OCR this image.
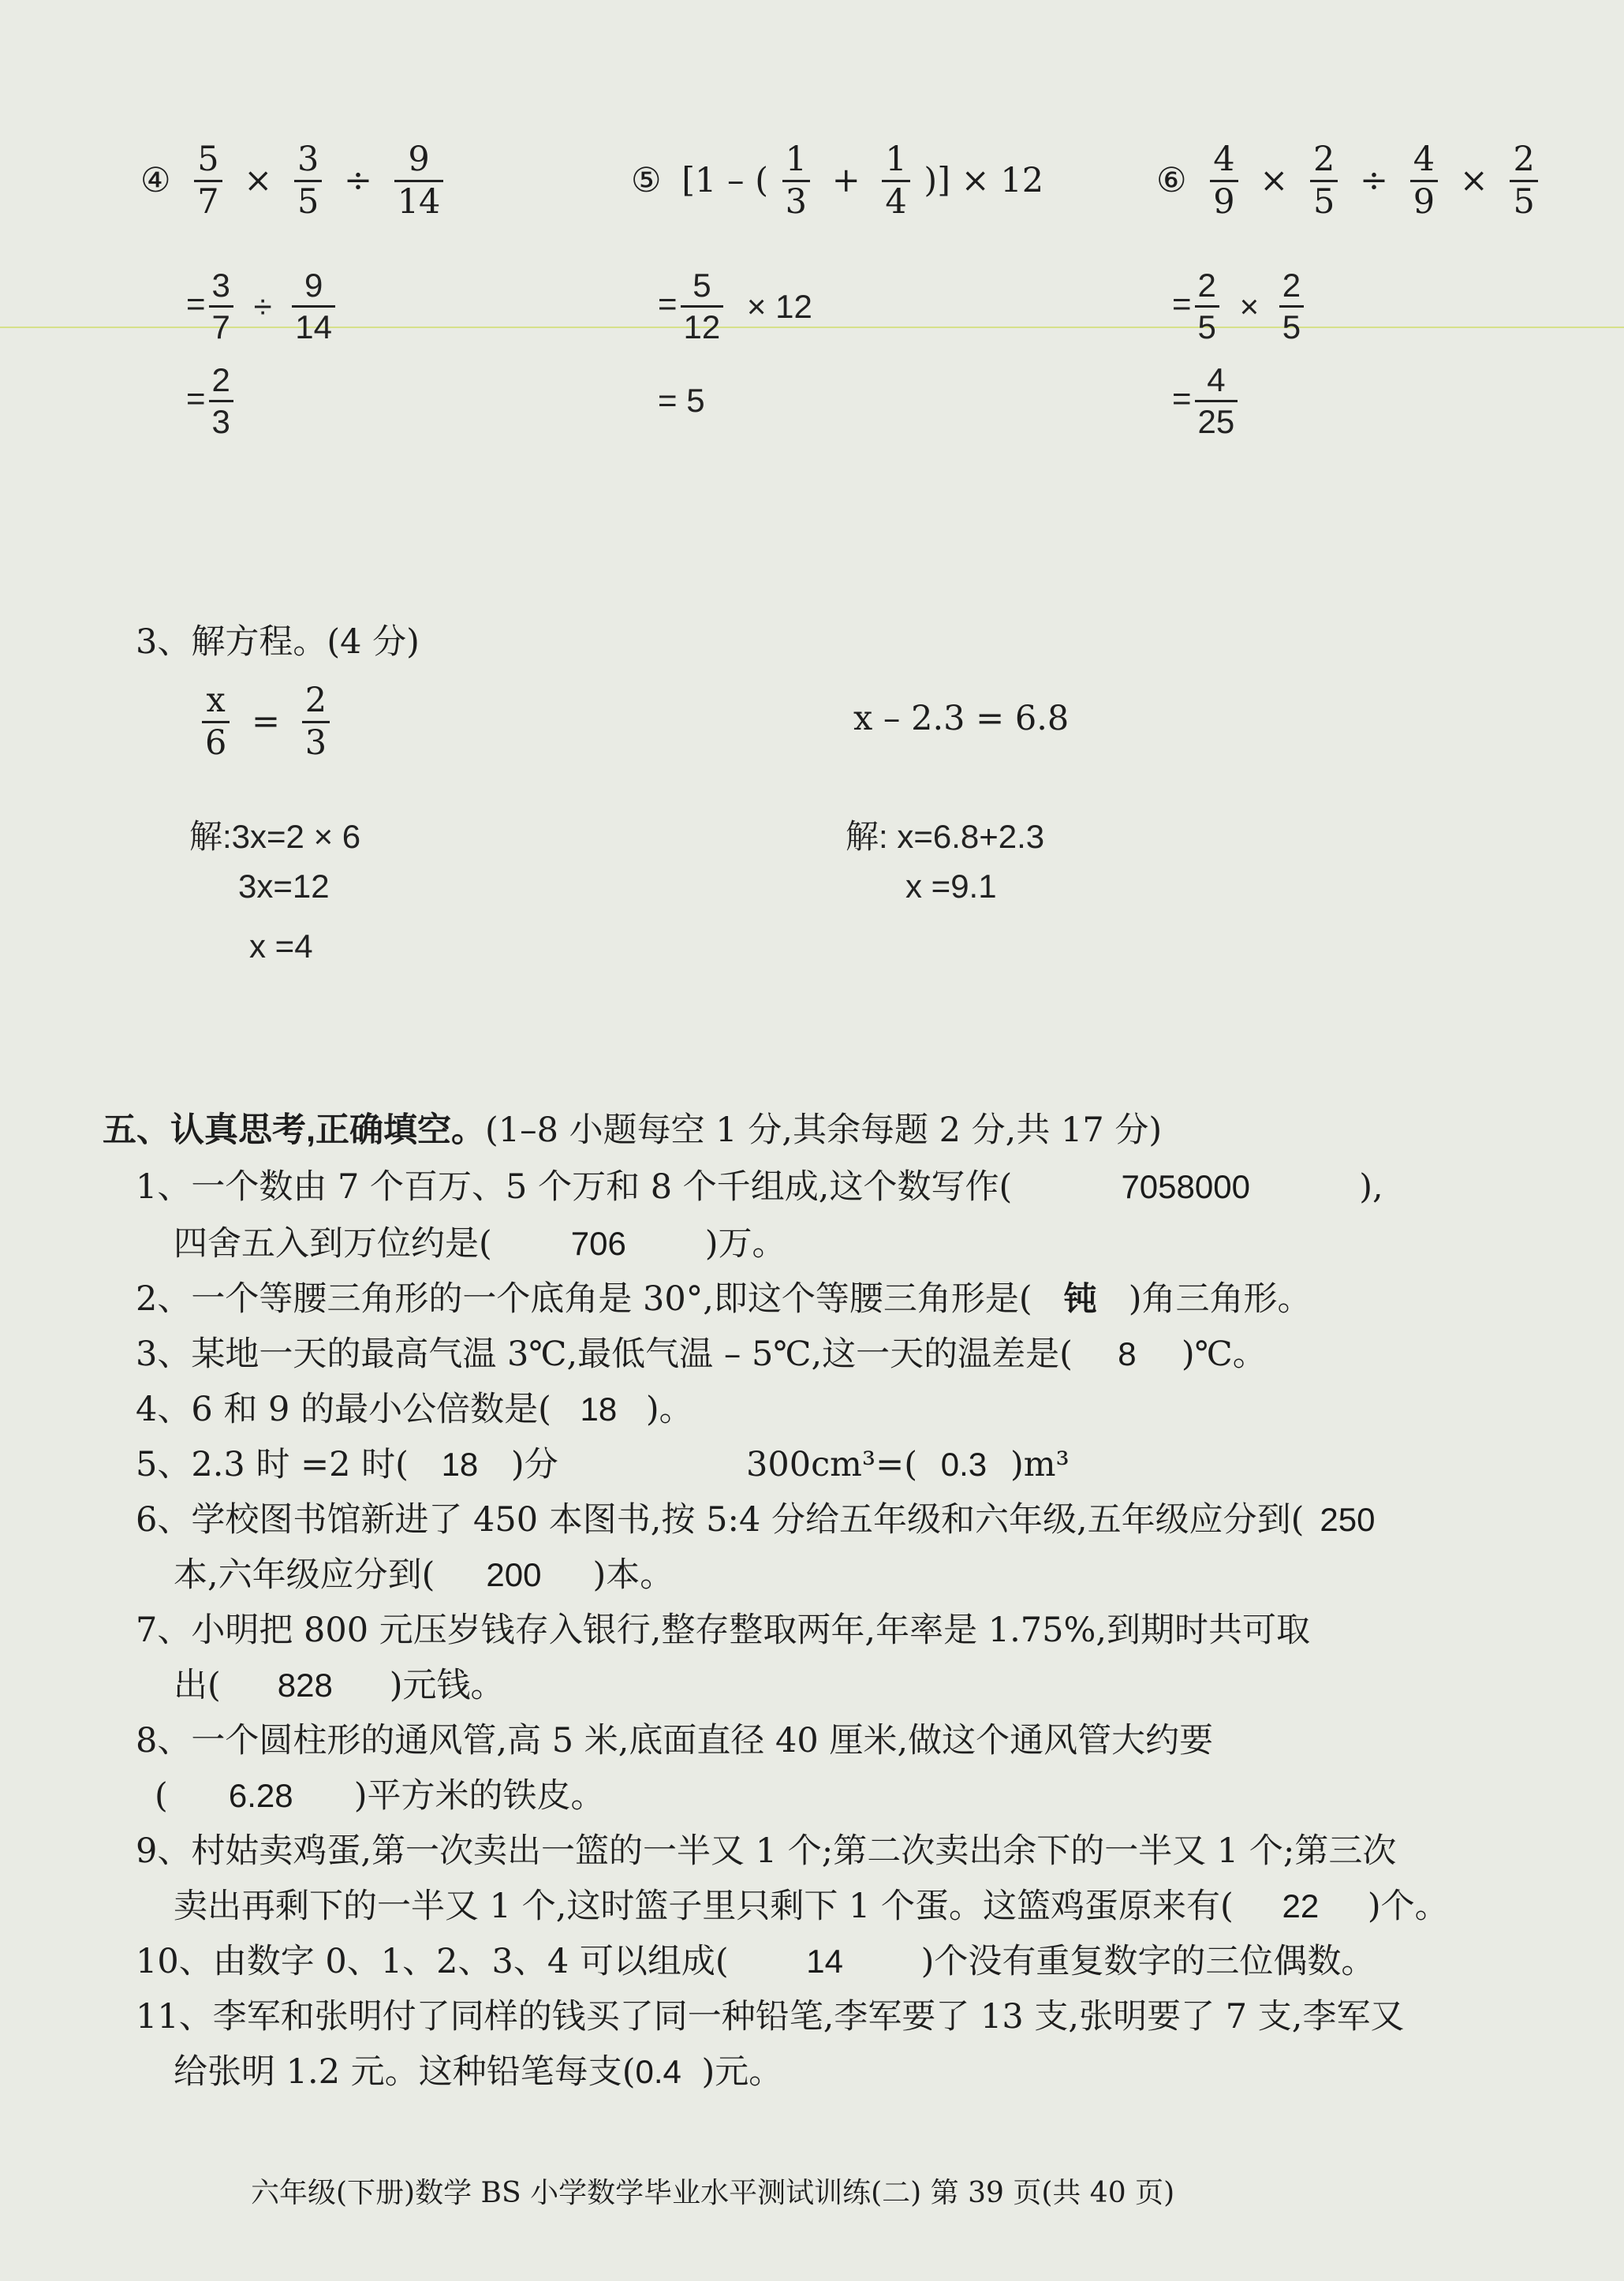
④ $\frac{5}{7} \times \frac{3}{5} \div \frac{9}{14}$
= $\frac{3}{7} \div \frac{9}{14}$
= $\frac{2}{3}$
⑤ [1 – ( $\frac{1}{3} + \frac{1}{4}$ )] × 12
= $\frac{5}{12} \times 12$
= 5
⑥ $\frac{4}{9} \times \frac{2}{5} \div \frac{4}{9} \times \frac{2}{5}$
= $\frac{2}{5} \times \frac{2}{5}$
= $\frac{4}{25}$
3、解方程。(4 分)
$\frac{x}{6} = \frac{2}{3}$
解:3x=2 × 6
3x=12
x =4
x – 2.3 = 6.8
解: x=6.8+2.3
x =9.1
五、认真思考,正确填空。(1–8 小题每空 1 分,其余每题 2 分,共 17 分)
1、一个数由 7 个百万、5 个万和 8 个千组成,这个数写作(	7058000	),
四舍五入到万位约是( 706 )万。
2、一个等腰三角形的一个底角是 30°,即这个等腰三角形是( 钝 )角三角形。
3、某地一天的最高气温 3℃,最低气温 – 5℃,这一天的温差是( 8 )℃。
4、6 和 9 的最小公倍数是( 18 )。
5、2.3 时 =2 时( 18 )分	300cm³=( 0.3 )m³
6、学校图书馆新进了 450 本图书,按 5:4 分给五年级和六年级,五年级应分到( 250
本,六年级应分到( 200 )本。
7、小明把 800 元压岁钱存入银行,整存整取两年,年率是 1.75%,到期时共可取
出( 828 )元钱。
8、一个圆柱形的通风管,高 5 米,底面直径 40 厘米,做这个通风管大约要
( 6.28 )平方米的铁皮。
9、村姑卖鸡蛋,第一次卖出一篮的一半又 1 个;第二次卖出余下的一半又 1 个;第三次
卖出再剩下的一半又 1 个,这时篮子里只剩下 1 个蛋。这篮鸡蛋原来有( 22 )个。
10、由数字 0、1、2、3、4 可以组成( 14 )个没有重复数字的三位偶数。
11、李军和张明付了同样的钱买了同一种铅笔,李军要了 13 支,张明要了 7 支,李军又
给张明 1.2 元。这种铅笔每支(0.4 )元。
六年级(下册)数学 BS 小学数学毕业水平测试训练(二) 第 39 页(共 40 页)
